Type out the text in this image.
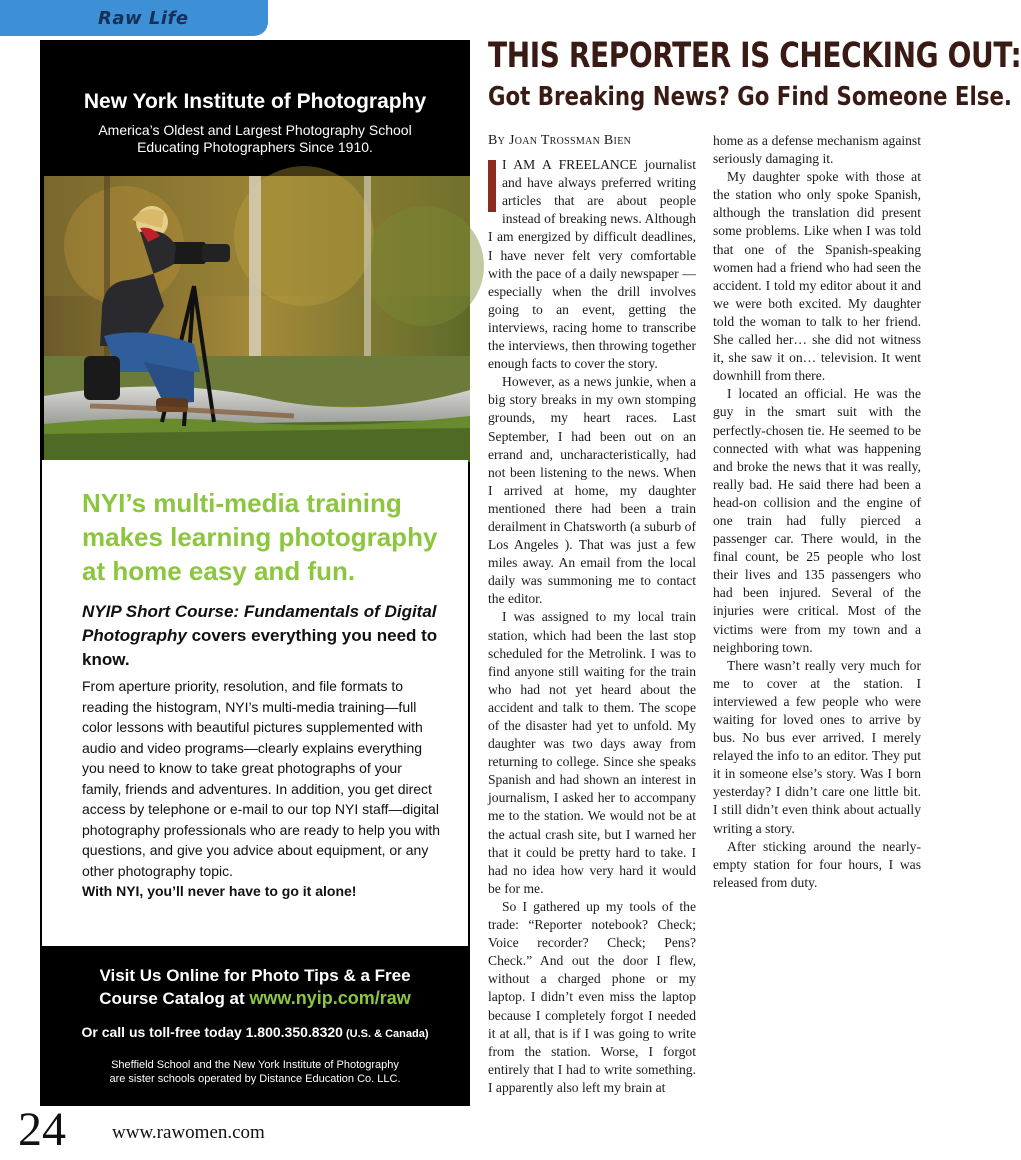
Raw Life
New York Institute of Photography
America’s Oldest and Largest Photography School
Educating Photographers Since 1910.
NYI’s multi-media training
makes learning photography
at home easy and fun.
NYIP Short Course: Fundamentals of Digital Photography covers everything you need to know.
From aperture priority, resolution, and file formats to reading the histogram, NYI’s multi-media training—full color lessons with beautiful pictures supplemented with audio and video programs—clearly explains everything you need to know to take great photographs of your family, friends and adventures. In addition, you get direct access by telephone or e-mail to our top NYI staff—digital photography professionals who are ready to help you with questions, and give you advice about equipment, or any other photography topic.
With NYI, you’ll never have to go it alone!
Visit Us Online for Photo Tips & a Free
Course Catalog at www.nyip.com/raw
Or call us toll-free today 1.800.350.8320 (U.S. & Canada)
Sheffield School and the New York Institute of Photography
are sister schools operated by Distance Education Co. LLC.
THIS REPORTER IS CHECKING OUT:
Got Breaking News? Go Find Someone Else.
By Joan Trossman Bien

I AM A FREELANCE journalist and have always preferred writing articles that are about people instead of breaking news. Although I am energized by difficult deadlines, I have never felt very comfortable with the pace of a daily newspaper — especially when the drill involves going to an event, getting the interviews, racing home to transcribe the interviews, then throwing together enough facts to cover the story.

However, as a news junkie, when a big story breaks in my own stomping grounds, my heart races. Last September, I had been out on an errand and, uncharacteristically, had not been listening to the news. When I arrived at home, my daughter mentioned there had been a train derailment in Chatsworth (a suburb of Los Angeles ). That was just a few miles away. An email from the local daily was summoning me to contact the editor.

I was assigned to my local train station, which had been the last stop scheduled for the Metrolink. I was to find anyone still waiting for the train who had not yet heard about the accident and talk to them. The scope of the disaster had yet to unfold. My daughter was two days away from returning to college. Since she speaks Spanish and had shown an interest in journalism, I asked her to accompany me to the station. We would not be at the actual crash site, but I warned her that it could be pretty hard to take. I had no idea how very hard it would be for me.

So I gathered up my tools of the trade: “Reporter notebook? Check; Voice recorder? Check; Pens? Check.” And out the door I flew, without a charged phone or my laptop. I didn’t even miss the laptop because I completely forgot I needed it at all, that is if I was going to write from the station. Worse, I forgot entirely that I had to write something. I apparently also left my brain at

home as a defense mechanism against seriously damaging it.

My daughter spoke with those at the station who only spoke Spanish, although the translation did present some problems. Like when I was told that one of the Spanish-speaking women had a friend who had seen the accident. I told my editor about it and we were both excited. My daughter told the woman to talk to her friend. She called her… she did not witness it, she saw it on… television. It went downhill from there.

I located an official. He was the guy in the smart suit with the perfectly-chosen tie. He seemed to be connected with what was happening and broke the news that it was really, really bad. He said there had been a head-on collision and the engine of one train had fully pierced a passenger car. There would, in the final count, be 25 people who lost their lives and 135 passengers who had been injured. Several of the injuries were critical. Most of the victims were from my town and a neighboring town.

There wasn’t really very much for me to cover at the station. I interviewed a few people who were waiting for loved ones to arrive by bus. No bus ever arrived. I merely relayed the info to an editor. They put it in someone else’s story. Was I born yesterday? I didn’t care one little bit. I still didn’t even think about actually writing a story.

After sticking around the nearly-empty station for four hours, I was released from duty.

24 www.rawomen.com
